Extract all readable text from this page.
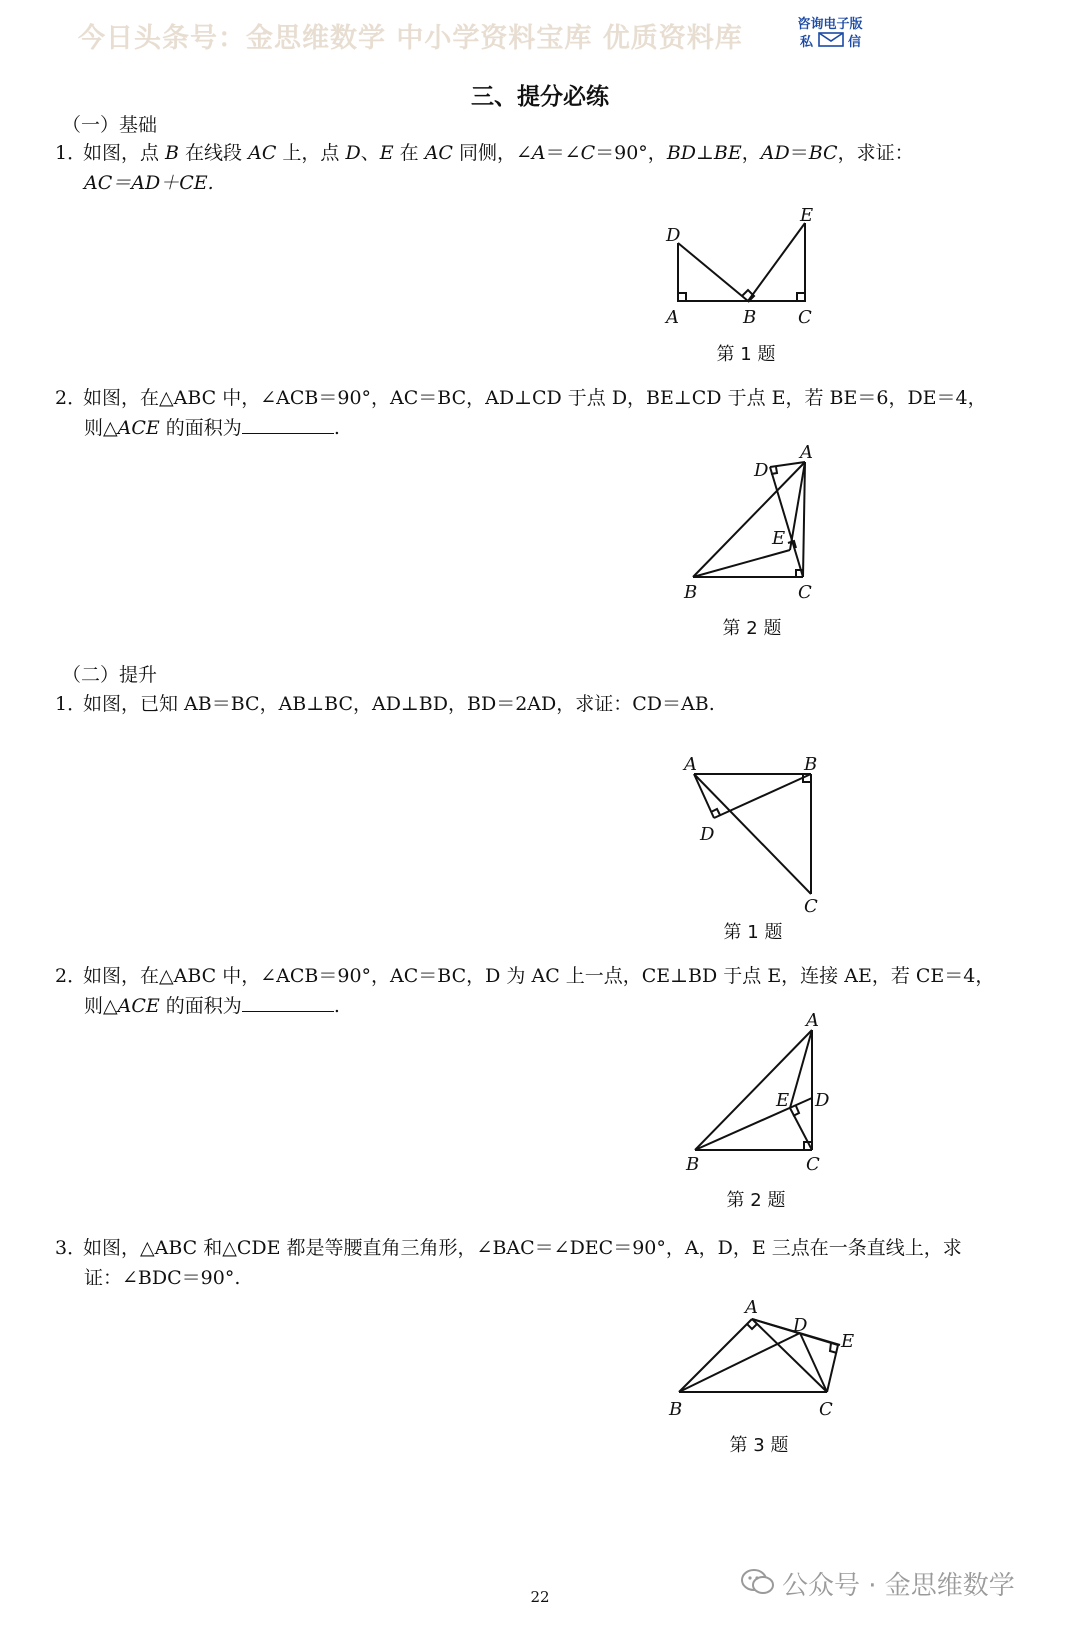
今日头条号：金思维数学 中小学资料宝库 优质资料库	咨询电子版
私	信
三、提分必练
（一）基础
1．如图，点 B 在线段 AC 上，点 D、E 在 AC 同侧，∠A＝∠C＝90°，BD⊥BE，AD＝BC，求证：
AC＝AD＋CE.
D
E
A	B C
第 1 题
2．如图，在△ABC 中，∠ACB＝90°，AC＝BC，AD⊥CD 于点 D，BE⊥CD 于点 E，若 BE＝6，DE＝4，
则△ACE 的面积为	.
D
A
E
B	C
第 2 题
（二）提升
1．如图，已知 AB＝BC，AB⊥BC，AD⊥BD，BD＝2AD，求证：CD＝AB.
A	B
D
C
第 1 题
2．如图，在△ABC 中，∠ACB＝90°，AC＝BC，D 为 AC 上一点，CE⊥BD 于点 E，连接 AE，若 CE＝4，
则△ACE 的面积为	.
A
E D
B	C
第 2 题
3．如图，△ABC 和△CDE 都是等腰直角三角形，∠BAC＝∠DEC＝90°，A，D，E 三点在一条直线上，求
证：∠BDC＝90°.
A
D
E
B	C
第 3 题
公众号 · 金思维数学
22
